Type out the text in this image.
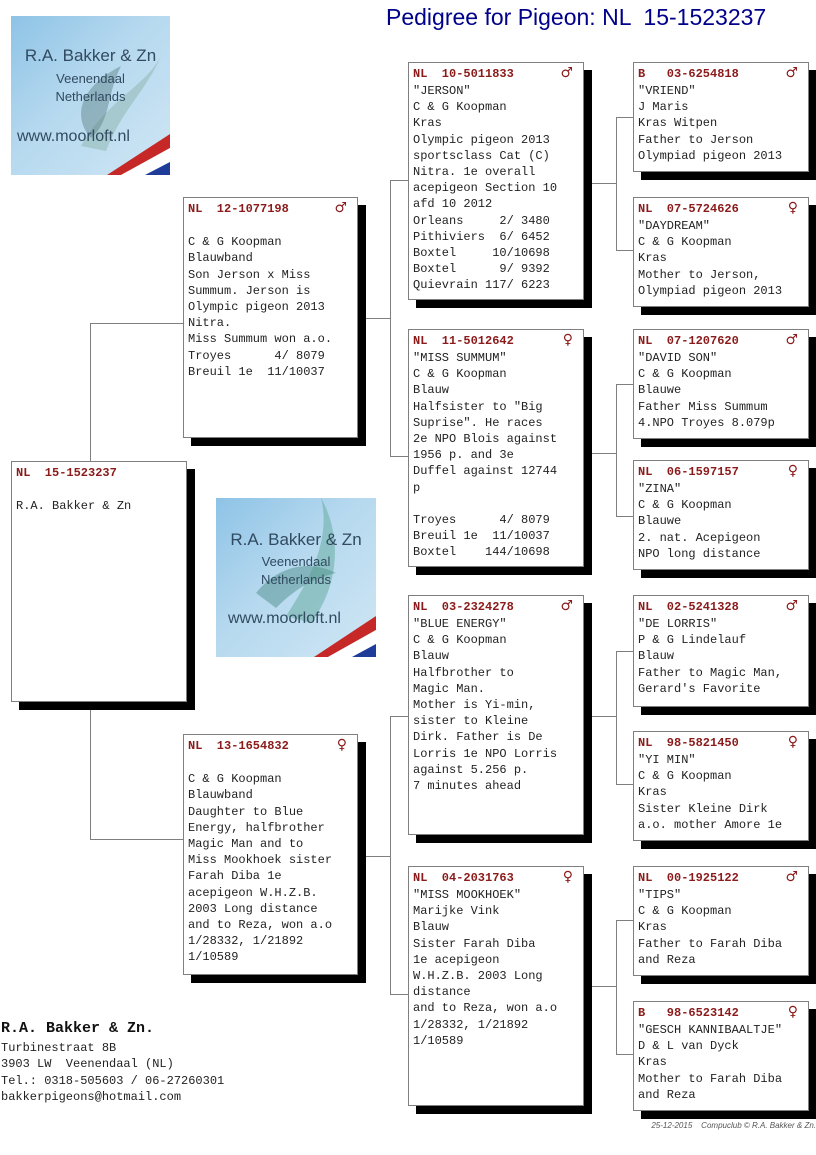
Pedigree for Pigeon: NL  15-1523237
R.A. Bakker & Zn
Veenendaal
Netherlands
www.moorloft.nl
R.A. Bakker & Zn
Veenendaal
Netherlands
www.moorloft.nl
NL  15-1523237
R.A. Bakker & Zn
NL  12-1077198	♂
C & G Koopman
Blauwband
Son Jerson x Miss
Summum. Jerson is
Olympic pigeon 2013
Nitra.
Miss Summum won a.o.
Troyes      4/ 8079
Breuil 1e  11/10037
NL  13-1654832	♀
C & G Koopman
Blauwband
Daughter to Blue
Energy, halfbrother
Magic Man and to
Miss Mookhoek sister
Farah Diba 1e
acepigeon W.H.Z.B.
2003 Long distance
and to Reza, won a.o
1/28332, 1/21892
1/10589
NL  10-5011833	♂
"JERSON"
C & G Koopman
Kras
Olympic pigeon 2013
sportsclass Cat (C)
Nitra. 1e overall
acepigeon Section 10
afd 10 2012
Orleans     2/ 3480
Pithiviers  6/ 6452
Boxtel     10/10698
Boxtel      9/ 9392
Quievrain 117/ 6223
NL  11-5012642	♀
"MISS SUMMUM"
C & G Koopman
Blauw
Halfsister to "Big
Suprise". He races
2e NPO Blois against
1956 p. and 3e
Duffel against 12744
p
Troyes      4/ 8079
Breuil 1e  11/10037
Boxtel    144/10698
NL  03-2324278	♂
"BLUE ENERGY"
C & G Koopman
Blauw
Halfbrother to
Magic Man.
Mother is Yi-min,
sister to Kleine
Dirk. Father is De
Lorris 1e NPO Lorris
against 5.256 p.
7 minutes ahead
NL  04-2031763	♀
"MISS MOOKHOEK"
Marijke Vink
Blauw
Sister Farah Diba
1e acepigeon
W.H.Z.B. 2003 Long
distance
and to Reza, won a.o
1/28332, 1/21892
1/10589
B   03-6254818	♂
"VRIEND"
J Maris
Kras Witpen
Father to Jerson
Olympiad pigeon 2013
NL  07-5724626	♀
"DAYDREAM"
C & G Koopman
Kras
Mother to Jerson,
Olympiad pigeon 2013
NL  07-1207620	♂
"DAVID SON"
C & G Koopman
Blauwe
Father Miss Summum
4.NPO Troyes 8.079p
NL  06-1597157	♀
"ZINA"
C & G Koopman
Blauwe
2. nat. Acepigeon
NPO long distance
NL  02-5241328	♂
"DE LORRIS"
P & G Lindelauf
Blauw
Father to Magic Man,
Gerard's Favorite
NL  98-5821450	♀
"YI MIN"
C & G Koopman
Kras
Sister Kleine Dirk
a.o. mother Amore 1e
NL  00-1925122	♂
"TIPS"
C & G Koopman
Kras
Father to Farah Diba
and Reza
B   98-6523142	♀
"GESCH KANNIBAALTJE"
D & L van Dyck
Kras
Mother to Farah Diba
and Reza
R.A. Bakker & Zn.
Turbinestraat 8B
3903 LW  Veenendaal (NL)
Tel.: 0318-505603 / 06-27260301
bakkerpigeons@hotmail.com
25-12-2015    Compuclub © R.A. Bakker & Zn.
